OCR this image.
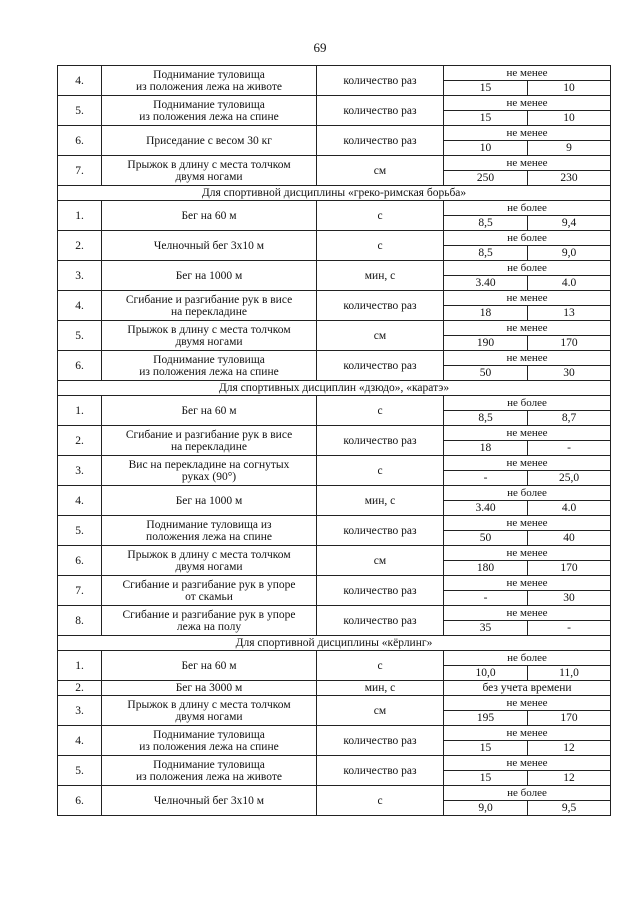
69
4.	Поднимание туловища
из положения лежа на животе	количество раз	не менее	
			15	10
5.	Поднимание туловища
из положения лежа на спине	количество раз	не менее	
			15	10
6.	Приседание с весом 30 кг	количество раз	не менее	
			10	9
7.	Прыжок в длину с места толчком
двумя ногами	см	не менее	
			250	230
Для спортивной дисциплины «греко-римская борьба»				
1.	Бег на 60 м	с	не более	
			8,5	9,4
2.	Челночный бег 3х10 м	с	не более	
			8,5	9,0
3.	Бег на 1000 м	мин, с	не более	
			3.40	4.0
4.	Сгибание и разгибание рук в висе
на перекладине	количество раз	не менее	
			18	13
5.	Прыжок в длину с места толчком
двумя ногами	см	не менее	
			190	170
6.	Поднимание туловища
из положения лежа на спине	количество раз	не менее	
			50	30
Для спортивных дисциплин «дзюдо», «каратэ»				
1.	Бег на 60 м	с	не более	
			8,5	8,7
2.	Сгибание и разгибание рук в висе
на перекладине	количество раз	не менее	
			18	-
3.	Вис на перекладине на согнутых
руках (90°)	с	не менее	
			-	25,0
4.	Бег на 1000 м	мин, с	не более	
			3.40	4.0
5.	Поднимание туловища из
положения лежа на спине	количество раз	не менее	
			50	40
6.	Прыжок в длину с места толчком
двумя ногами	см	не менее	
			180	170
7.	Сгибание и разгибание рук в упоре
от скамьи	количество раз	не менее	
			-	30
8.	Сгибание и разгибание рук в упоре
лежа на полу	количество раз	не менее	
			35	-
Для спортивной дисциплины «кёрлинг»				
1.	Бег на 60 м	с	не более	
			10,0	11,0
2.	Бег на 3000 м	мин, с	без учета времени	
3.	Прыжок в длину с места толчком
двумя ногами	см	не менее	
			195	170
4.	Поднимание туловища
из положения лежа на спине	количество раз	не менее	
			15	12
5.	Поднимание туловища
из положения лежа на животе	количество раз	не менее	
			15	12
6.	Челночный бег 3х10 м	с	не более	
			9,0	9,5
